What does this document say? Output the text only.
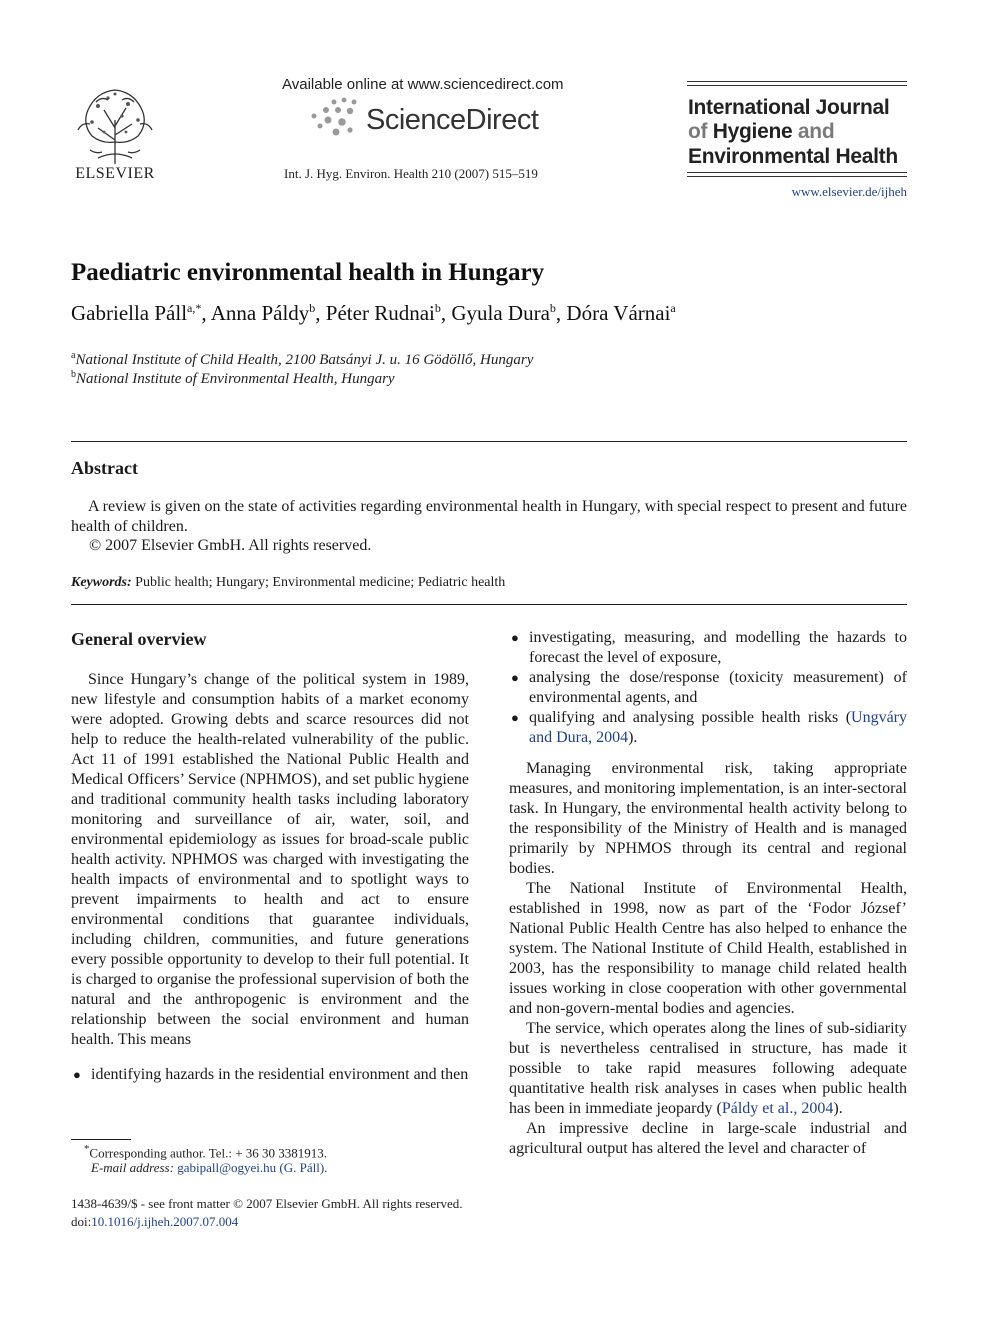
ELSEVIER
Available online at www.sciencedirect.com
ScienceDirect
Int. J. Hyg. Environ. Health 210 (2007) 515–519
International Journal
of Hygiene and
Environmental Health
www.elsevier.de/ijheh
Paediatric environmental health in Hungary
Gabriella Páll$^{a,*}$, Anna Páldy$^b$, Péter Rudnai$^b$, Gyula Dura$^b$, Dóra Várnai$^a$
$^a$National Institute of Child Health, 2100 Batsányi J. u. 16 Gödöllő, Hungary
$^b$National Institute of Environmental Health, Hungary
Abstract
A review is given on the state of activities regarding environmental health in Hungary, with special respect to present and future health of children.
© 2007 Elsevier GmbH. All rights reserved.
Keywords: Public health; Hungary; Environmental medicine; Pediatric health
General overview

Since Hungary’s change of the political system in 1989, new lifestyle and consumption habits of a market economy were adopted. Growing debts and scarce resources did not help to reduce the health-related vulnerability of the public. Act 11 of 1991 established the National Public Health and Medical Officers’ Service (NPHMOS), and set public hygiene and traditional community health tasks including laboratory monitoring and surveillance of air, water, soil, and environmental epidemiology as issues for broad-scale public health activity. NPHMOS was charged with investigating the health impacts of environmental and to spotlight ways to prevent impairments to health and act to ensure environmental conditions that guarantee individuals, including children, communities, and future generations every possible opportunity to develop to their full potential. It is charged to organise the professional supervision of both the natural and the anthropogenic is environment and the relationship between the social environment and human health. This means

● identifying hazards in the residential environment and then
● investigating, measuring, and modelling the hazards to forecast the level of exposure,
● analysing the dose/response (toxicity measurement) of environmental agents, and
● qualifying and analysing possible health risks (Ungváry and Dura, 2004).

Managing environmental risk, taking appropriate measures, and monitoring implementation, is an inter-sectoral task. In Hungary, the environmental health activity belong to the responsibility of the Ministry of Health and is managed primarily by NPHMOS through its central and regional bodies.

The National Institute of Environmental Health, established in 1998, now as part of the ‘Fodor József’ National Public Health Centre has also helped to enhance the system. The National Institute of Child Health, established in 2003, has the responsibility to manage child related health issues working in close cooperation with other governmental and non-govern-mental bodies and agencies.

The service, which operates along the lines of sub-sidiarity but is nevertheless centralised in structure, has made it possible to take rapid measures following adequate quantitative health risk analyses in cases when public health has been in immediate jeopardy (Páldy et al., 2004).

An impressive decline in large-scale industrial and agricultural output has altered the level and character of

*Corresponding author. Tel.: + 36 30 3381913.
E-mail address: gabipall@ogyei.hu (G. Páll).
1438-4639/$ - see front matter © 2007 Elsevier GmbH. All rights reserved.
doi:10.1016/j.ijheh.2007.07.004
